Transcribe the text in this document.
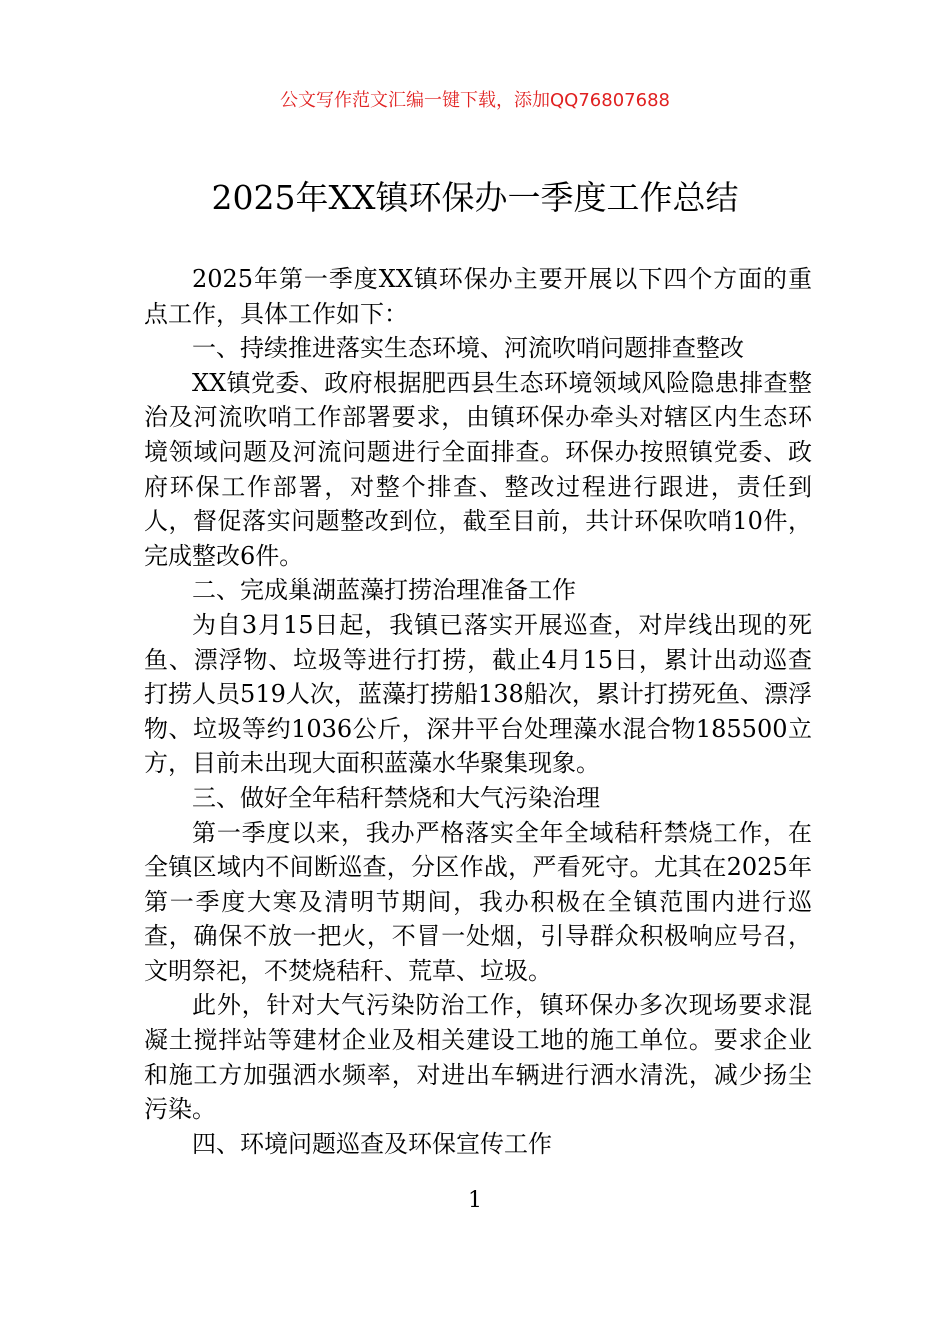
公文写作范文汇编一键下载，添加QQ76807688
2025年XX镇环保办一季度工作总结

2025年第一季度XX镇环保办主要开展以下四个方面的重点工作，具体工作如下：

一、持续推进落实生态环境、河流吹哨问题排查整改

XX镇党委、政府根据肥西县生态环境领域风险隐患排查整治及河流吹哨工作部署要求，由镇环保办牵头对辖区内生态环境领域问题及河流问题进行全面排查。环保办按照镇党委、政府环保工作部署，对整个排查、整改过程进行跟进，责任到人，督促落实问题整改到位，截至目前，共计环保吹哨10件，完成整改6件。

二、完成巢湖蓝藻打捞治理准备工作

为自3月15日起，我镇已落实开展巡查，对岸线出现的死鱼、漂浮物、垃圾等进行打捞，截止4月15日，累计出动巡查打捞人员519人次，蓝藻打捞船138船次，累计打捞死鱼、漂浮物、垃圾等约1036公斤，深井平台处理藻水混合物185500立方，目前未出现大面积蓝藻水华聚集现象。

三、做好全年秸秆禁烧和大气污染治理

第一季度以来，我办严格落实全年全域秸秆禁烧工作，在全镇区域内不间断巡查，分区作战，严看死守。尤其在2025年第一季度大寒及清明节期间，我办积极在全镇范围内进行巡查，确保不放一把火，不冒一处烟，引导群众积极响应号召，文明祭祀，不焚烧秸秆、荒草、垃圾。

此外，针对大气污染防治工作，镇环保办多次现场要求混凝土搅拌站等建材企业及相关建设工地的施工单位。要求企业和施工方加强洒水频率，对进出车辆进行洒水清洗，减少扬尘污染。

四、环境问题巡查及环保宣传工作

1
